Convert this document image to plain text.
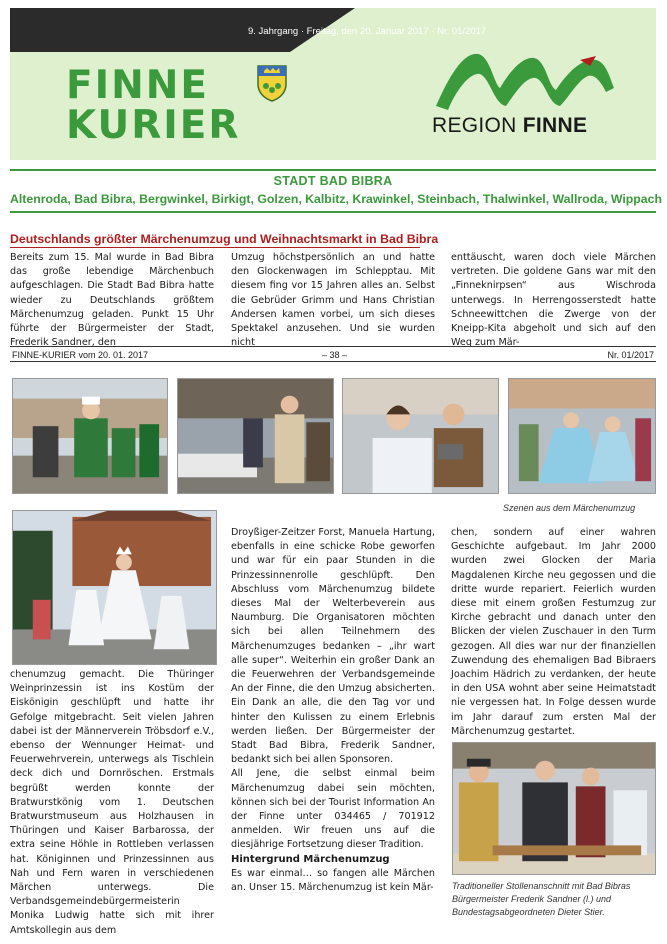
9. Jahrgang · Freitag, den 20. Januar 2017 · Nr. 01/2017
FINNE
KURIER	REGION FINNE
STADT BAD BIBRA
Altenroda, Bad Bibra, Bergwinkel, Birkigt, Golzen, Kalbitz, Krawinkel, Steinbach, Thalwinkel, Wallroda, Wippach
Deutschlands größter Märchenumzug und Weihnachtsmarkt in Bad Bibra

Bereits zum 15. Mal wurde in Bad Bibra das große lebendige Märchenbuch aufgeschlagen. Die Stadt Bad Bibra hatte wieder zu Deutschlands größtem Märchenumzug geladen. Punkt 15 Uhr führte der Bürgermeister der Stadt, Frederik Sandner, den

Umzug höchstpersönlich an und hatte den Glockenwagen im Schlepptau. Mit diesem fing vor 15 Jahren alles an. Selbst die Gebrüder Grimm und Hans Christian Andersen kamen vorbei, um sich dieses Spektakel anzusehen. Und sie wurden nicht

enttäuscht, waren doch viele Märchen vertreten. Die goldene Gans war mit den „Finneknirpsen“ aus Wischroda unterwegs. In Herrengosserstedt hatte Schneewittchen die Zwerge von der Kneipp-Kita abgeholt und sich auf den Weg zum Mär-

FINNE-KURIER vom 20. 01. 2017	– 38 –	Nr. 01/2017
Szenen aus dem Märchenumzug

chenumzug gemacht. Die Thüringer Weinprinzessin ist ins Kostüm der Eiskönigin geschlüpft und hatte ihr Gefolge mitgebracht. Seit vielen Jahren dabei ist der Männerverein Tröbsdorf e.V., ebenso der Wennunger Heimat- und Feuerwehrverein, unterwegs als Tischlein deck dich und Dornröschen. Erstmals begrüßt werden konnte der Bratwurstkönig vom 1. Deutschen Bratwurstmuseum aus Holzhausen in Thüringen und Kaiser Barbarossa, der extra seine Höhle in Rottleben verlassen hat. Königinnen und Prinzessinnen aus Nah und Fern waren in verschiedenen Märchen unterwegs. Die Verbandsgemeindebürgermeisterin Monika Ludwig hatte sich mit ihrer Amtskollegin aus dem

Droyßiger-Zeitzer Forst, Manuela Hartung, ebenfalls in eine schicke Robe geworfen und war für ein paar Stunden in die Prinzessinnenrolle geschlüpft. Den Abschluss vom Märchenumzug bildete dieses Mal der Welterbeverein aus Naumburg. Die Organisatoren möchten sich bei allen Teilnehmern des Märchenumzuges bedanken – „ihr wart alle super“. Weiterhin ein großer Dank an die Feuerwehren der Verbandsgemeinde An der Finne, die den Umzug absicherten. Ein Dank an alle, die den Tag vor und hinter den Kulissen zu einem Erlebnis werden ließen. Der Bürgermeister der Stadt Bad Bibra, Frederik Sandner, bedankt sich bei allen Sponsoren.

All Jene, die selbst einmal beim Märchenumzug dabei sein möchten, können sich bei der Tourist Information An der Finne unter 034465 / 701912 anmelden. Wir freuen uns auf die diesjährige Fortsetzung dieser Tradition.

Hintergrund Märchenumzug

Es war einmal… so fangen alle Märchen an. Unser 15. Märchenumzug ist kein Mär-

chen, sondern auf einer wahren Geschichte aufgebaut. Im Jahr 2000 wurden zwei Glocken der Maria Magdalenen Kirche neu gegossen und die dritte wurde repariert. Feierlich wurden diese mit einem großen Festumzug zur Kirche gebracht und danach unter den Blicken der vielen Zuschauer in den Turm gezogen. All dies war nur der finanziellen Zuwendung des ehemaligen Bad Bibraers Joachim Hädrich zu verdanken, der heute in den USA wohnt aber seine Heimatstadt nie vergessen hat. In Folge dessen wurde im Jahr darauf zum ersten Mal der Märchenumzug gestartet.

Traditioneller Stollenanschnitt mit Bad Bibras Bürgermeister Frederik Sandner (l.) und Bundestagsabgeordneten Dieter Stier.
